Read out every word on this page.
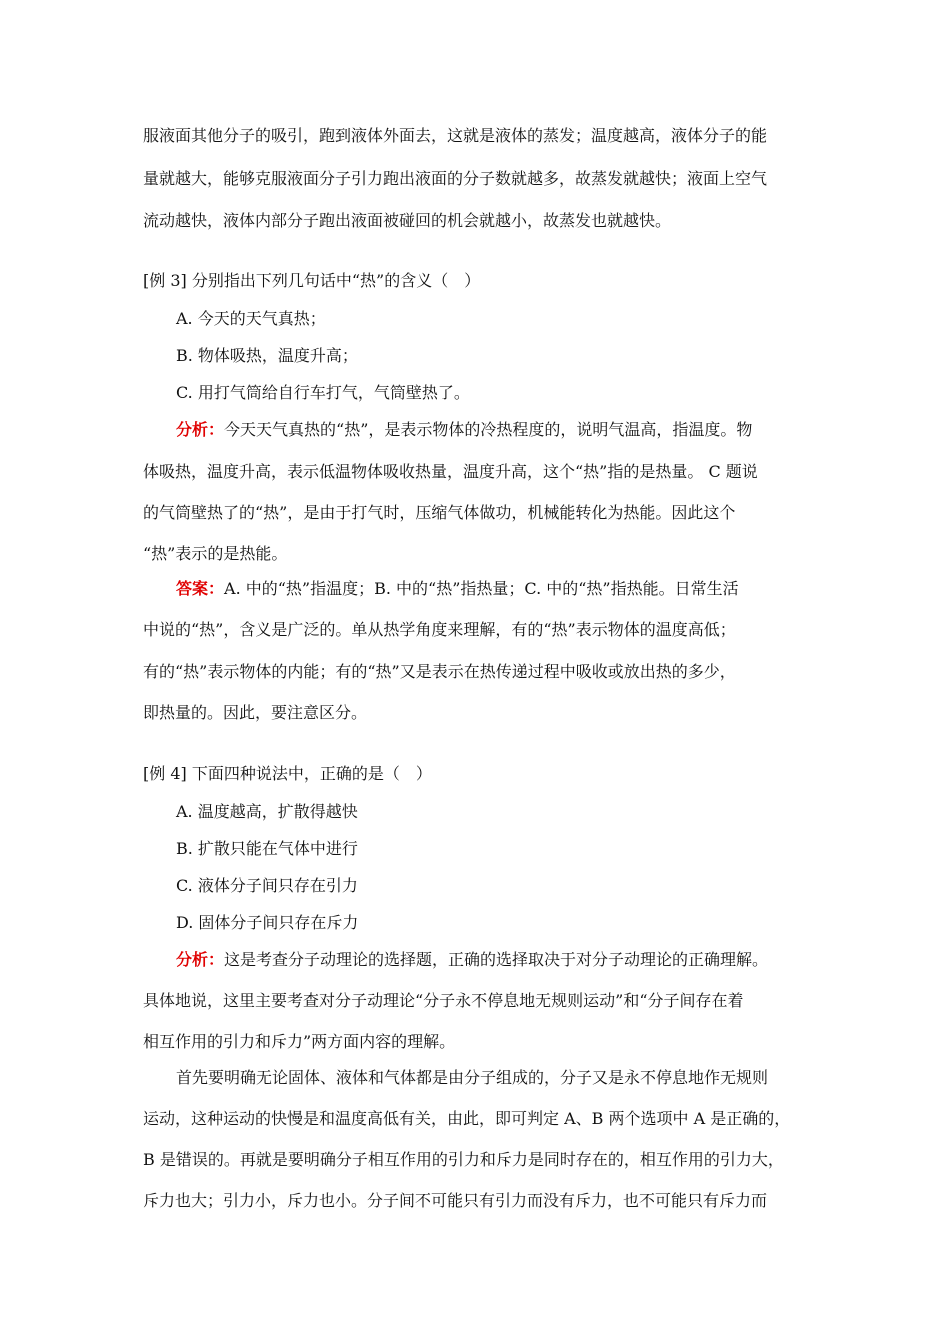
服液面其他分子的吸引，跑到液体外面去，这就是液体的蒸发；温度越高，液体分子的能
量就越大，能够克服液面分子引力跑出液面的分子数就越多，故蒸发就越快；液面上空气
流动越快，液体内部分子跑出液面被碰回的机会就越小，故蒸发也就越快。
[例 3] 分别指出下列几句话中“热”的含义（　）
A. 今天的天气真热；
B. 物体吸热，温度升高；
C. 用打气筒给自行车打气，气筒壁热了。
分析：今天天气真热的“热”，是表示物体的冷热程度的，说明气温高，指温度。物
体吸热，温度升高，表示低温物体吸收热量，温度升高，这个“热”指的是热量。 C 题说
的气筒壁热了的“热”，是由于打气时，压缩气体做功，机械能转化为热能。因此这个
“热”表示的是热能。
答案：A. 中的“热”指温度；B. 中的“热”指热量；C. 中的“热”指热能。日常生活
中说的“热”，含义是广泛的。单从热学角度来理解，有的“热”表示物体的温度高低；
有的“热”表示物体的内能；有的“热”又是表示在热传递过程中吸收或放出热的多少，
即热量的。因此，要注意区分。
[例 4] 下面四种说法中，正确的是（　）
A. 温度越高，扩散得越快
B. 扩散只能在气体中进行
C. 液体分子间只存在引力
D. 固体分子间只存在斥力
分析：这是考查分子动理论的选择题，正确的选择取决于对分子动理论的正确理解。
具体地说，这里主要考查对分子动理论“分子永不停息地无规则运动”和“分子间存在着
相互作用的引力和斥力”两方面内容的理解。
首先要明确无论固体、液体和气体都是由分子组成的，分子又是永不停息地作无规则
运动，这种运动的快慢是和温度高低有关，由此，即可判定 A、B 两个选项中 A 是正确的，
B 是错误的。再就是要明确分子相互作用的引力和斥力是同时存在的，相互作用的引力大，
斥力也大；引力小，斥力也小。分子间不可能只有引力而没有斥力，也不可能只有斥力而
